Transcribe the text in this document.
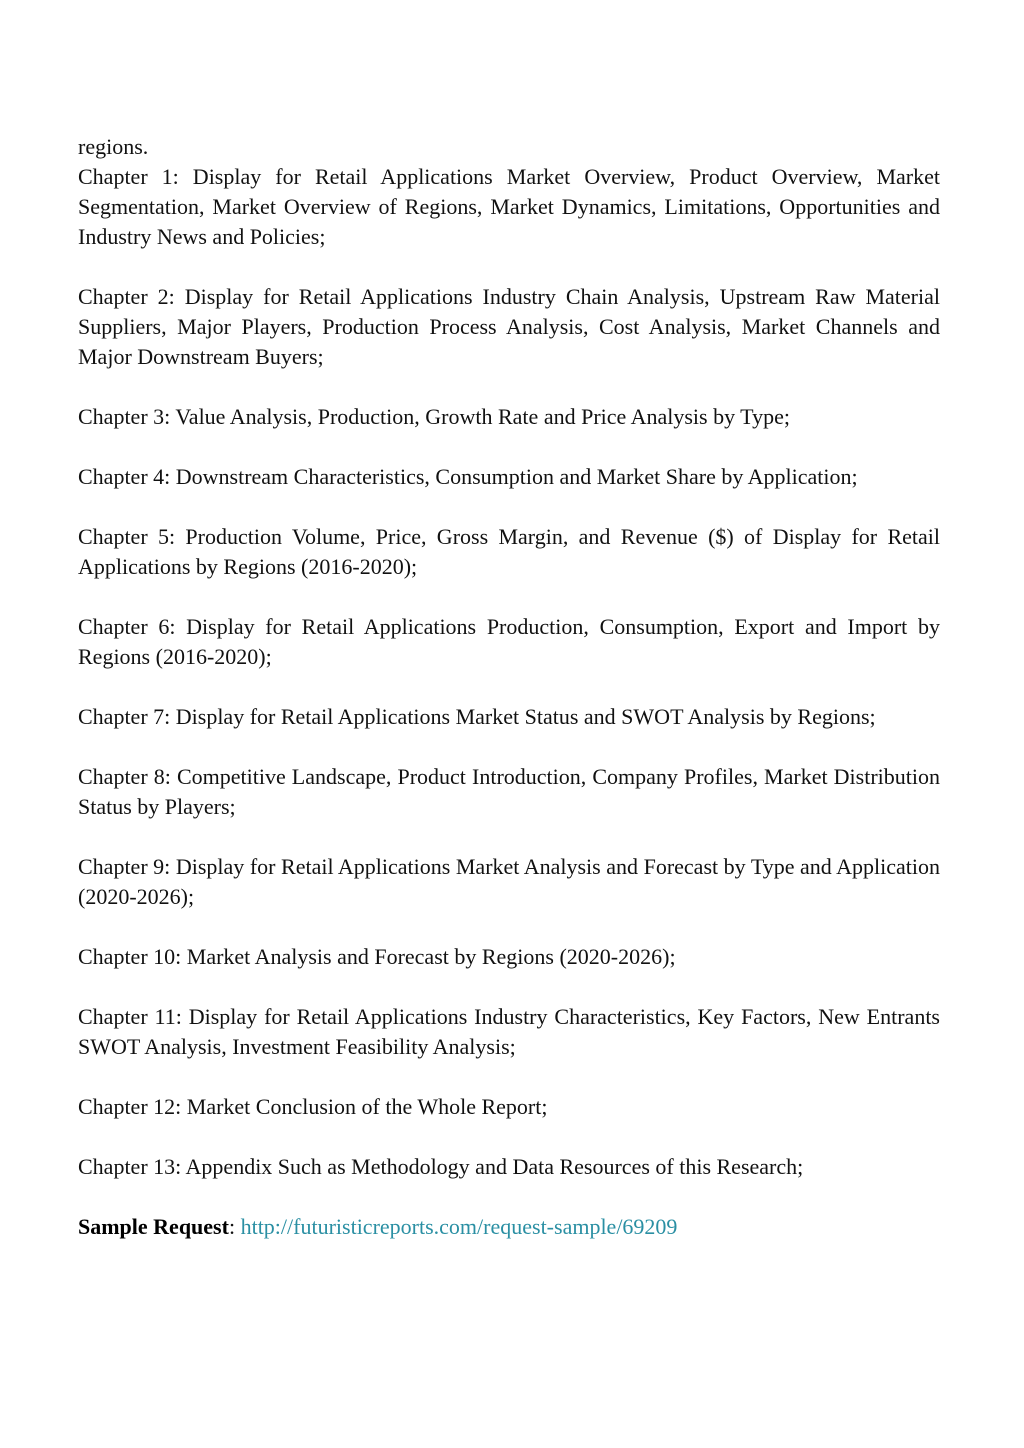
regions.

Chapter 1: Display for Retail Applications Market Overview, Product Overview, Market Segmentation, Market Overview of Regions, Market Dynamics, Limitations, Opportunities and Industry News and Policies;

Chapter 2: Display for Retail Applications Industry Chain Analysis, Upstream Raw Material Suppliers, Major Players, Production Process Analysis, Cost Analysis, Market Channels and Major Downstream Buyers;

Chapter 3: Value Analysis, Production, Growth Rate and Price Analysis by Type;

Chapter 4: Downstream Characteristics, Consumption and Market Share by Application;

Chapter 5: Production Volume, Price, Gross Margin, and Revenue ($) of Display for Retail Applications by Regions (2016-2020);

Chapter 6: Display for Retail Applications Production, Consumption, Export and Import by Regions (2016-2020);

Chapter 7: Display for Retail Applications Market Status and SWOT Analysis by Regions;

Chapter 8: Competitive Landscape, Product Introduction, Company Profiles, Market Distribution Status by Players;

Chapter 9: Display for Retail Applications Market Analysis and Forecast by Type and Application (2020-2026);

Chapter 10: Market Analysis and Forecast by Regions (2020-2026);

Chapter 11: Display for Retail Applications Industry Characteristics, Key Factors, New Entrants SWOT Analysis, Investment Feasibility Analysis;

Chapter 12: Market Conclusion of the Whole Report;

Chapter 13: Appendix Such as Methodology and Data Resources of this Research;

Sample Request: http://futuristicreports.com/request-sample/69209
